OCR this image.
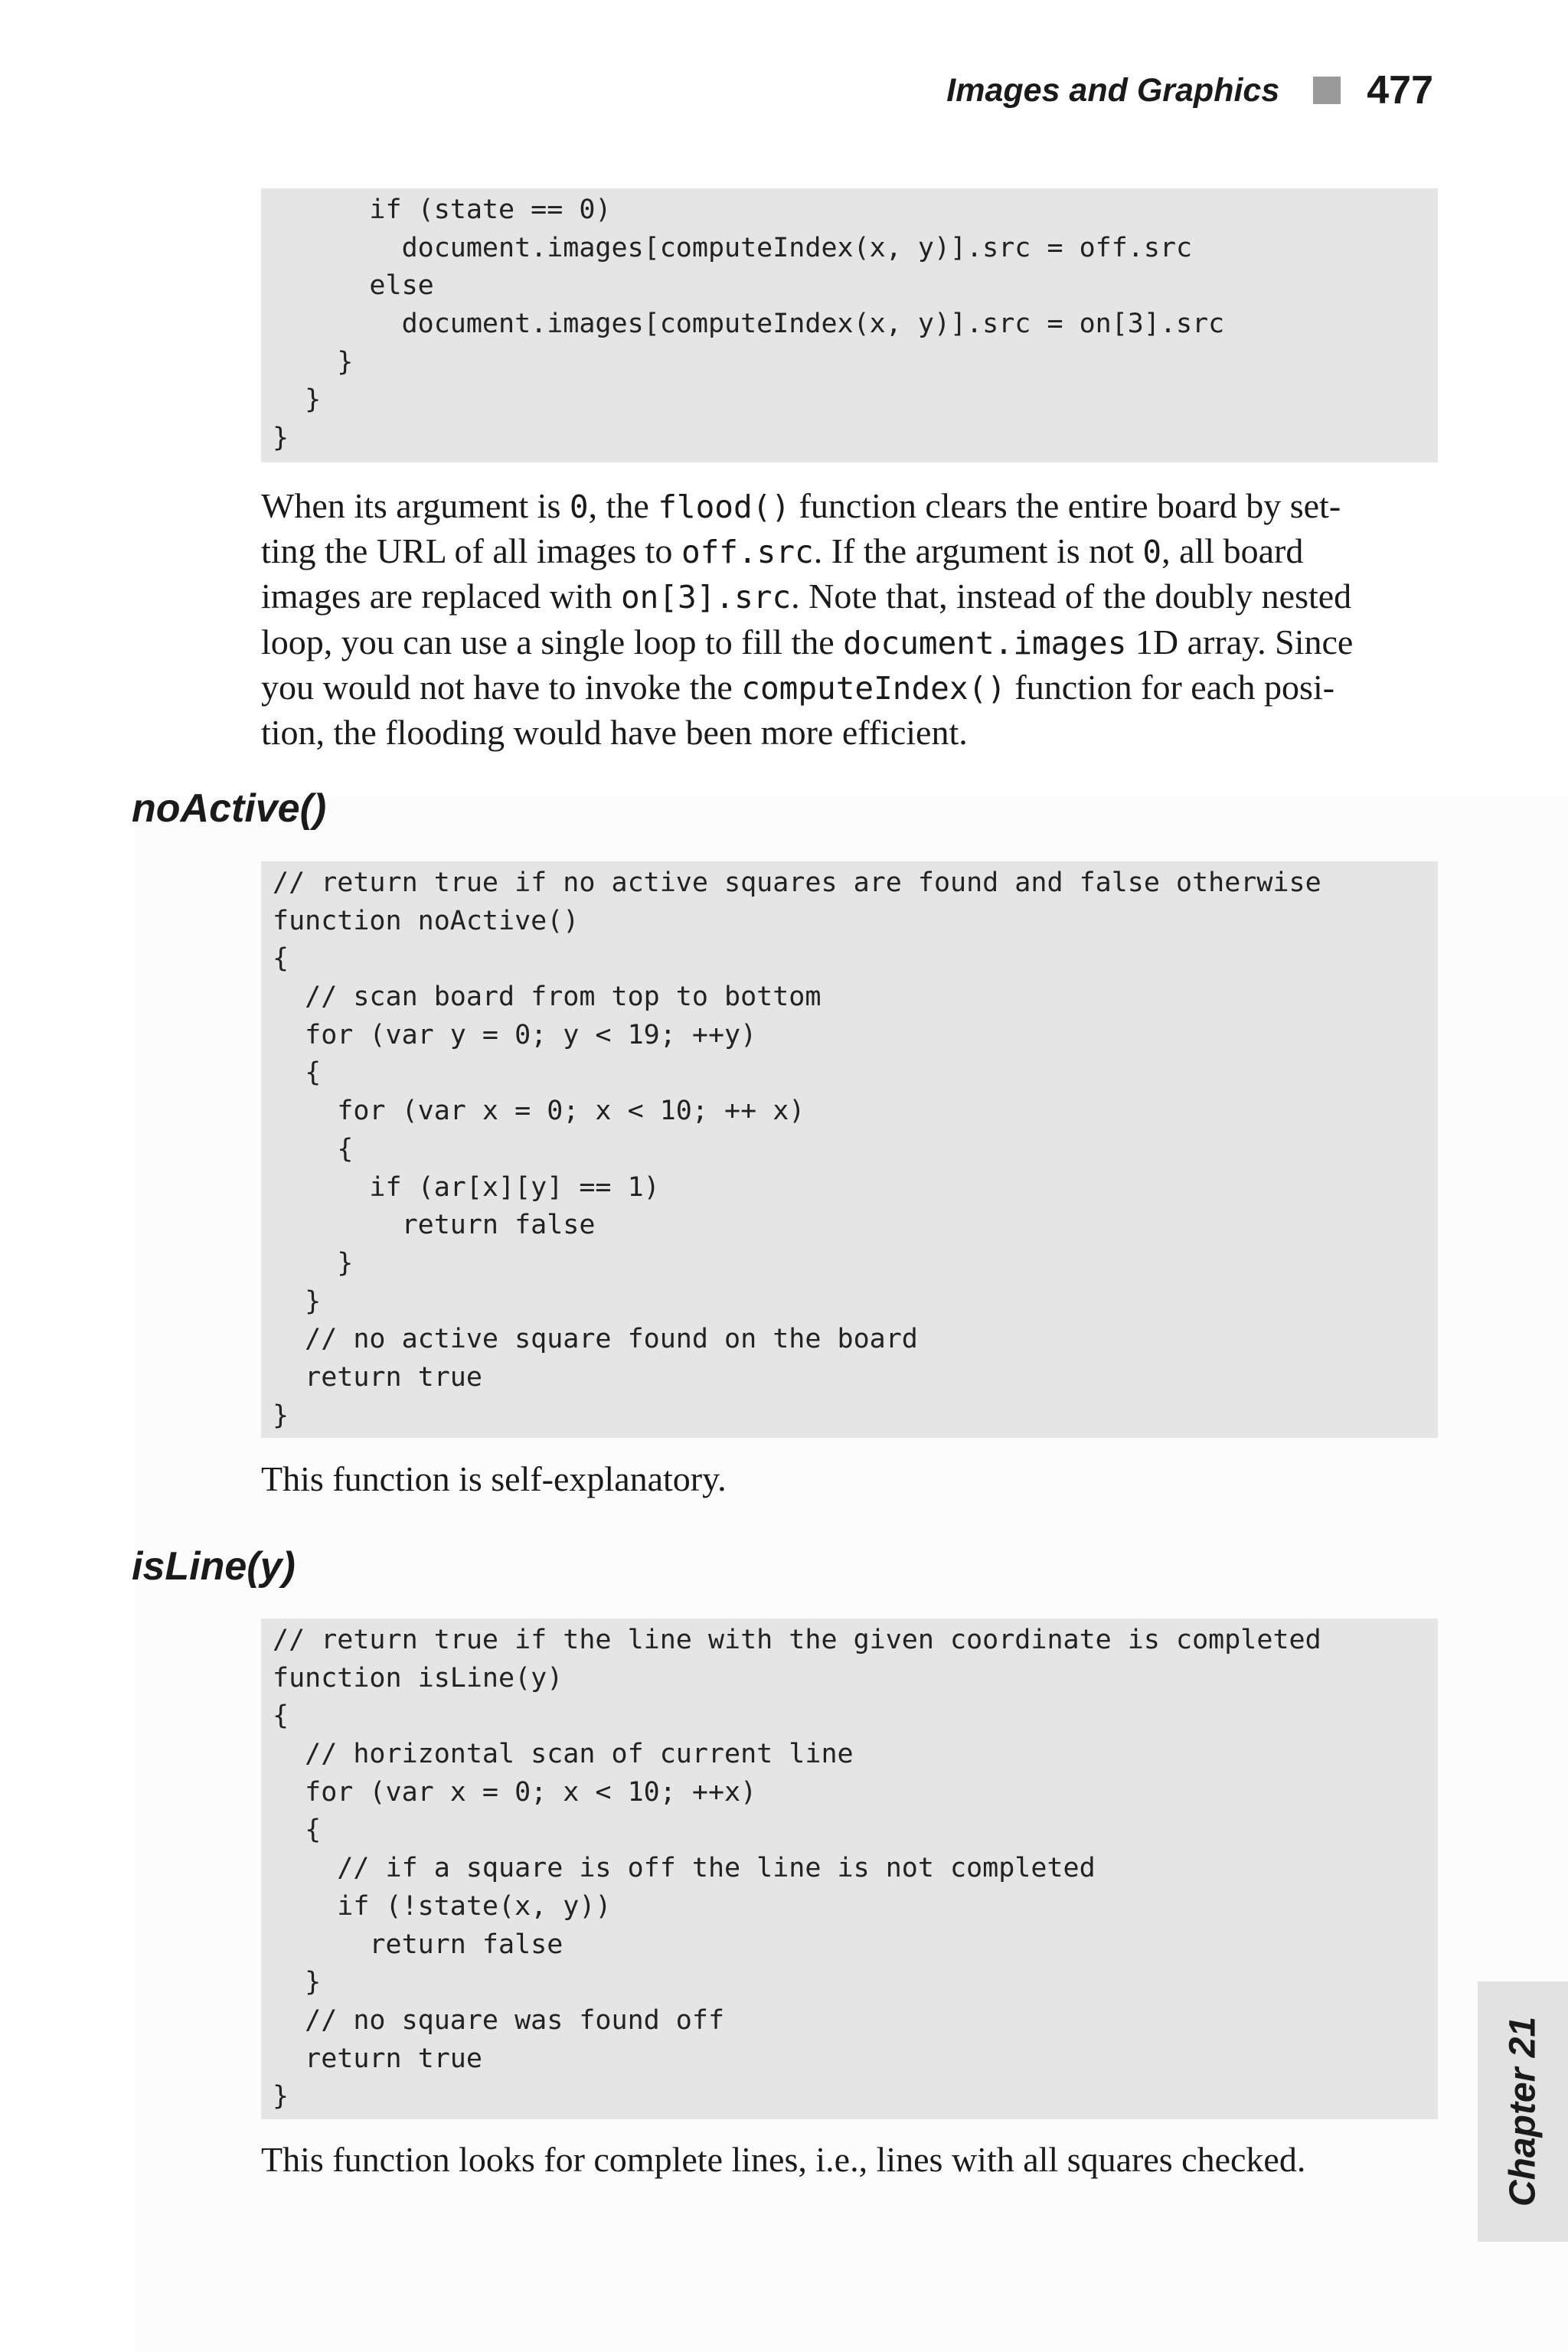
Images and Graphics 477
if (state == 0)
document.images[computeIndex(x, y)].src = off.src
else
document.images[computeIndex(x, y)].src = on[3].src
}
}
}

When its argument is 0, the flood() function clears the entire board by set-
ting the URL of all images to off.src. If the argument is not 0, all board
images are replaced with on[3].src. Note that, instead of the doubly nested
loop, you can use a single loop to fill the document.images 1D array. Since
you would not have to invoke the computeIndex() function for each posi-
tion, the flooding would have been more efficient.

noActive()
// return true if no active squares are found and false otherwise
function noActive()
{
// scan board from top to bottom
for (var y = 0; y < 19; ++y)
{
for (var x = 0; x < 10; ++ x)
{
if (ar[x][y] == 1)
return false
}
}
// no active square found on the board
return true
}

This function is self-explanatory.

isLine(y)
// return true if the line with the given coordinate is completed
function isLine(y)
{
// horizontal scan of current line
for (var x = 0; x < 10; ++x)
{
// if a square is off the line is not completed
if (!state(x, y))
return false
}
// no square was found off
return true
}

This function looks for complete lines, i.e., lines with all squares checked.	Chapter 21
